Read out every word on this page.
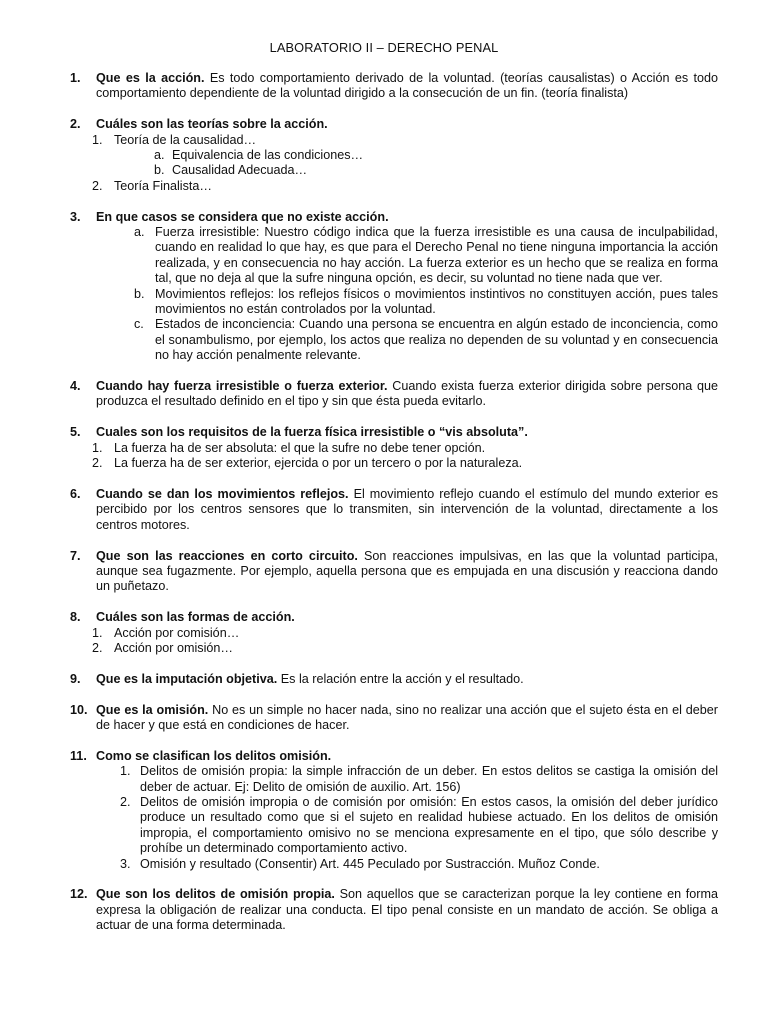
LABORATORIO II – DERECHO PENAL

1. Que es la acción. Es todo comportamiento derivado de la voluntad. (teorías causalistas) o Acción es todo comportamiento dependiente de la voluntad dirigido a la consecución de un fin. (teoría finalista)

2. Cuáles son las teorías sobre la acción.

1. Teoría de la causalidad…
a. Equivalencia de las condiciones…
b. Causalidad Adecuada…
2. Teoría Finalista…

3. En que casos se considera que no existe acción.

a. Fuerza irresistible: Nuestro código indica que la fuerza irresistible es una causa de inculpabilidad, cuando en realidad lo que hay, es que para el Derecho Penal no tiene ninguna importancia la acción realizada, y en consecuencia no hay acción. La fuerza exterior es un hecho que se realiza en forma tal, que no deja al que la sufre ninguna opción, es decir, su voluntad no tiene nada que ver.
b. Movimientos reflejos: los reflejos físicos o movimientos instintivos no constituyen acción, pues tales movimientos no están controlados por la voluntad.
c. Estados de inconciencia: Cuando una persona se encuentra en algún estado de inconciencia, como el sonambulismo, por ejemplo, los actos que realiza no dependen de su voluntad y en consecuencia no hay acción penalmente relevante.

4. Cuando hay fuerza irresistible o fuerza exterior. Cuando exista fuerza exterior dirigida sobre persona que produzca el resultado definido en el tipo y sin que ésta pueda evitarlo.

5. Cuales son los requisitos de la fuerza física irresistible o “vis absoluta”.

1. La fuerza ha de ser absoluta: el que la sufre no debe tener opción.
2. La fuerza ha de ser exterior, ejercida o por un tercero o por la naturaleza.

6. Cuando se dan los movimientos reflejos. El movimiento reflejo cuando el estímulo del mundo exterior es percibido por los centros sensores que lo transmiten, sin intervención de la voluntad, directamente a los centros motores.

7. Que son las reacciones en corto circuito. Son reacciones impulsivas, en las que la voluntad participa, aunque sea fugazmente. Por ejemplo, aquella persona que es empujada en una discusión y reacciona dando un puñetazo.

8. Cuáles son las formas de acción.

1. Acción por comisión…
2. Acción por omisión…

9. Que es la imputación objetiva. Es la relación entre la acción y el resultado.

10. Que es la omisión. No es un simple no hacer nada, sino no realizar una acción que el sujeto ésta en el deber de hacer y que está en condiciones de hacer.

11. Como se clasifican los delitos omisión.

1. Delitos de omisión propia: la simple infracción de un deber. En estos delitos se castiga la omisión del deber de actuar. Ej: Delito de omisión de auxilio. Art. 156)
2. Delitos de omisión impropia o de comisión por omisión: En estos casos, la omisión del deber jurídico produce un resultado como que si el sujeto en realidad hubiese actuado. En los delitos de omisión impropia, el comportamiento omisivo no se menciona expresamente en el tipo, que sólo describe y prohíbe un determinado comportamiento activo.
3. Omisión y resultado (Consentir) Art. 445 Peculado por Sustracción. Muñoz Conde.

12. Que son los delitos de omisión propia. Son aquellos que se caracterizan porque la ley contiene en forma expresa la obligación de realizar una conducta. El tipo penal consiste en un mandato de acción. Se obliga a actuar de una forma determinada.
